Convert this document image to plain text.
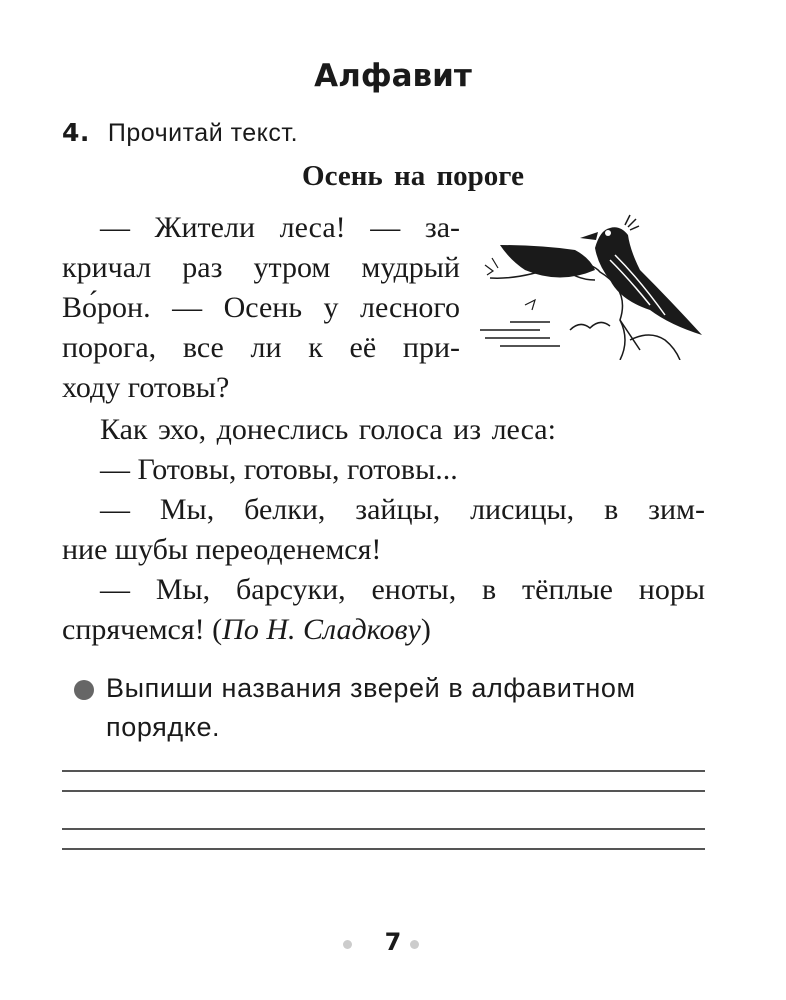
Алфавит
4. Прочитай текст.
Осень на пороге
— Жители леса! — за-
кричал раз утром мудрый
Во́рон. — Осень у лесного
порога, все ли к её при-
ходу готовы?
Как эхо, донеслись голоса из леса:
— Готовы, готовы, готовы...
— Мы, белки, зайцы, лисицы, в зим-
ние шубы переоденемся!
— Мы, барсуки, еноты, в тёплые норы
спрячемся! (По Н. Сладкову)
Выпиши названия зверей в алфавитном
порядке.
7
